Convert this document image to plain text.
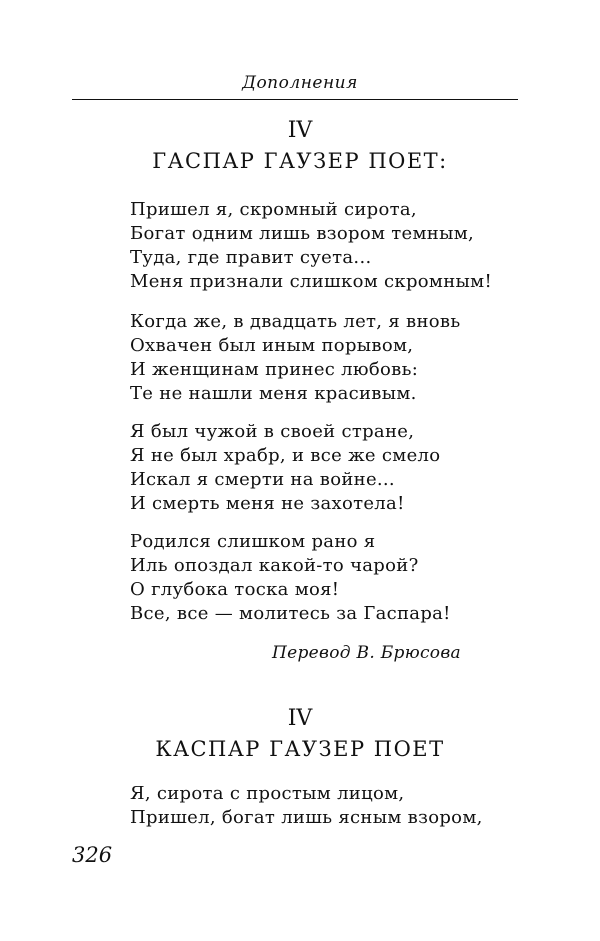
Дополнения
IV
ГАСПАР ГАУЗЕР ПОЕТ:
Пришел я, скромный сирота,
Богат одним лишь взором темным,
Туда, где правит суета...
Меня признали слишком скромным!
Когда же, в двадцать лет, я вновь
Охвачен был иным порывом,
И женщинам принес любовь:
Те не нашли меня красивым.
Я был чужой в своей стране,
Я не был храбр, и все же смело
Искал я смерти на войне...
И смерть меня не захотела!
Родился слишком рано я
Иль опоздал какой-то чарой?
О глубока тоска моя!
Все, все — молитесь за Гаспара!
Перевод В. Брюсова
IV
КАСПАР ГАУЗЕР ПОЕТ
Я, сирота с простым лицом,
Пришел, богат лишь ясным взором,
326
